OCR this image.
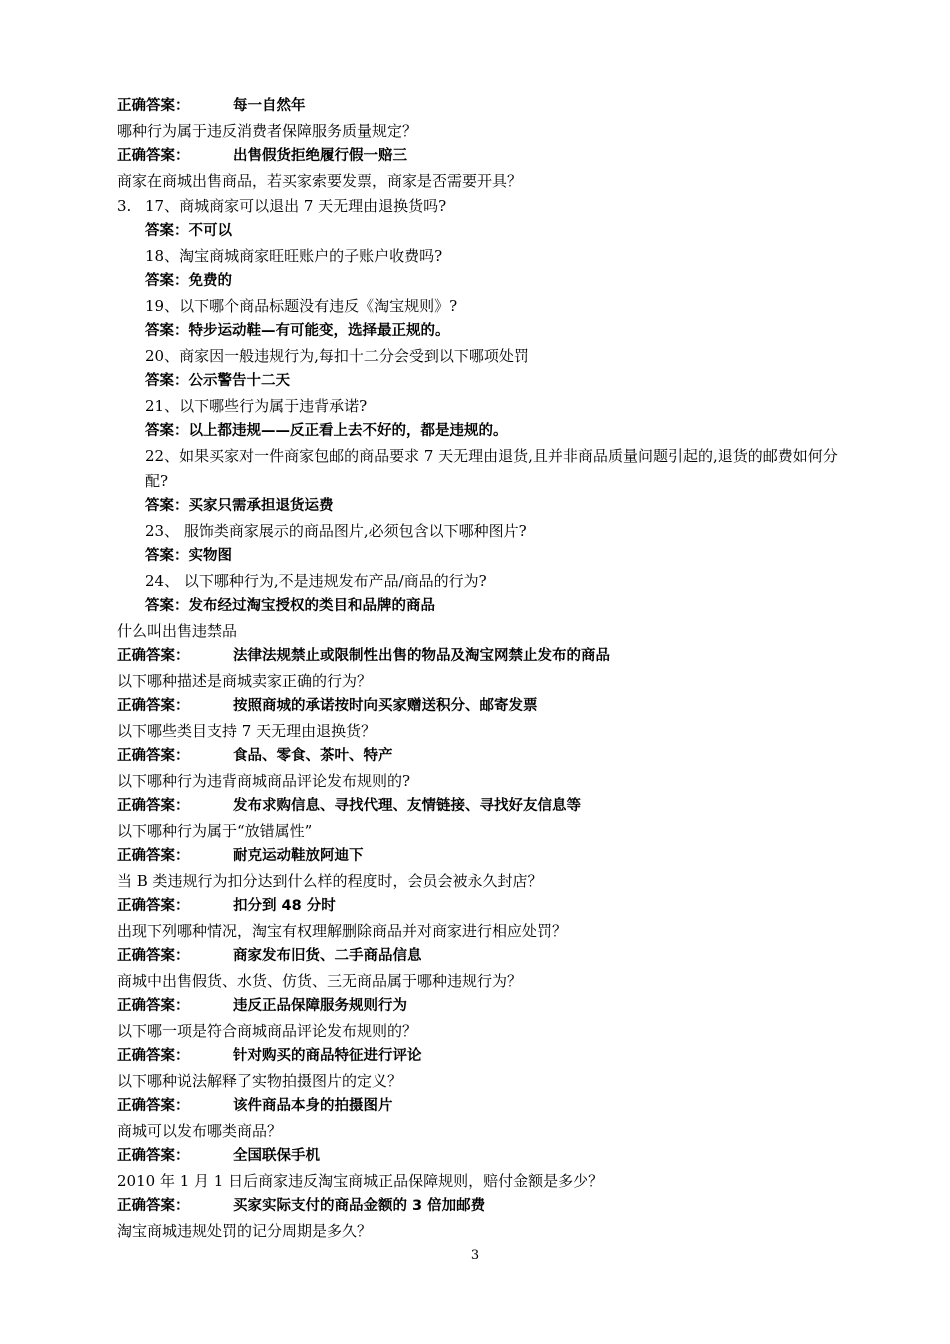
正确答案：	每一自然年
哪种行为属于违反消费者保障服务质量规定？
正确答案：	出售假货拒绝履行假一赔三
商家在商城出售商品，若买家索要发票，商家是否需要开具？
3. 17、商城商家可以退出 7 天无理由退换货吗?
答案：不可以
18、淘宝商城商家旺旺账户的子账户收费吗?
答案：免费的
19、以下哪个商品标题没有违反《淘宝规则》?
答案：特步运动鞋—有可能变，选择最正规的。
20、商家因一般违规行为,每扣十二分会受到以下哪项处罚
答案：公示警告十二天
21、以下哪些行为属于违背承诺?
答案：以上都违规——反正看上去不好的，都是违规的。
22、如果买家对一件商家包邮的商品要求 7 天无理由退货,且并非商品质量问题引起的,退货的邮费如何分配?
答案：买家只需承担退货运费
23、 服饰类商家展示的商品图片,必须包含以下哪种图片?
答案：实物图
24、 以下哪种行为,不是违规发布产品/商品的行为?
答案：发布经过淘宝授权的类目和品牌的商品
什么叫出售违禁品
正确答案：	法律法规禁止或限制性出售的物品及淘宝网禁止发布的商品
以下哪种描述是商城卖家正确的行为？
正确答案：	按照商城的承诺按时向买家赠送积分、邮寄发票
以下哪些类目支持 7 天无理由退换货？
正确答案：	食品、零食、茶叶、特产
以下哪种行为违背商城商品评论发布规则的?
正确答案：	发布求购信息、寻找代理、友情链接、寻找好友信息等
以下哪种行为属于“放错属性”
正确答案：	耐克运动鞋放阿迪下
当 B 类违规行为扣分达到什么样的程度时，会员会被永久封店？
正确答案：	扣分到 48 分时
出现下列哪种情况，淘宝有权理解删除商品并对商家进行相应处罚？
正确答案：	商家发布旧货、二手商品信息
商城中出售假货、水货、仿货、三无商品属于哪种违规行为？
正确答案：	违反正品保障服务规则行为
以下哪一项是符合商城商品评论发布规则的？
正确答案：	针对购买的商品特征进行评论
以下哪种说法解释了实物拍摄图片的定义？
正确答案：	该件商品本身的拍摄图片
商城可以发布哪类商品？
正确答案：	全国联保手机
2010 年 1 月 1 日后商家违反淘宝商城正品保障规则，赔付金额是多少？
正确答案：	买家实际支付的商品金额的 3 倍加邮费
淘宝商城违规处罚的记分周期是多久？
3
